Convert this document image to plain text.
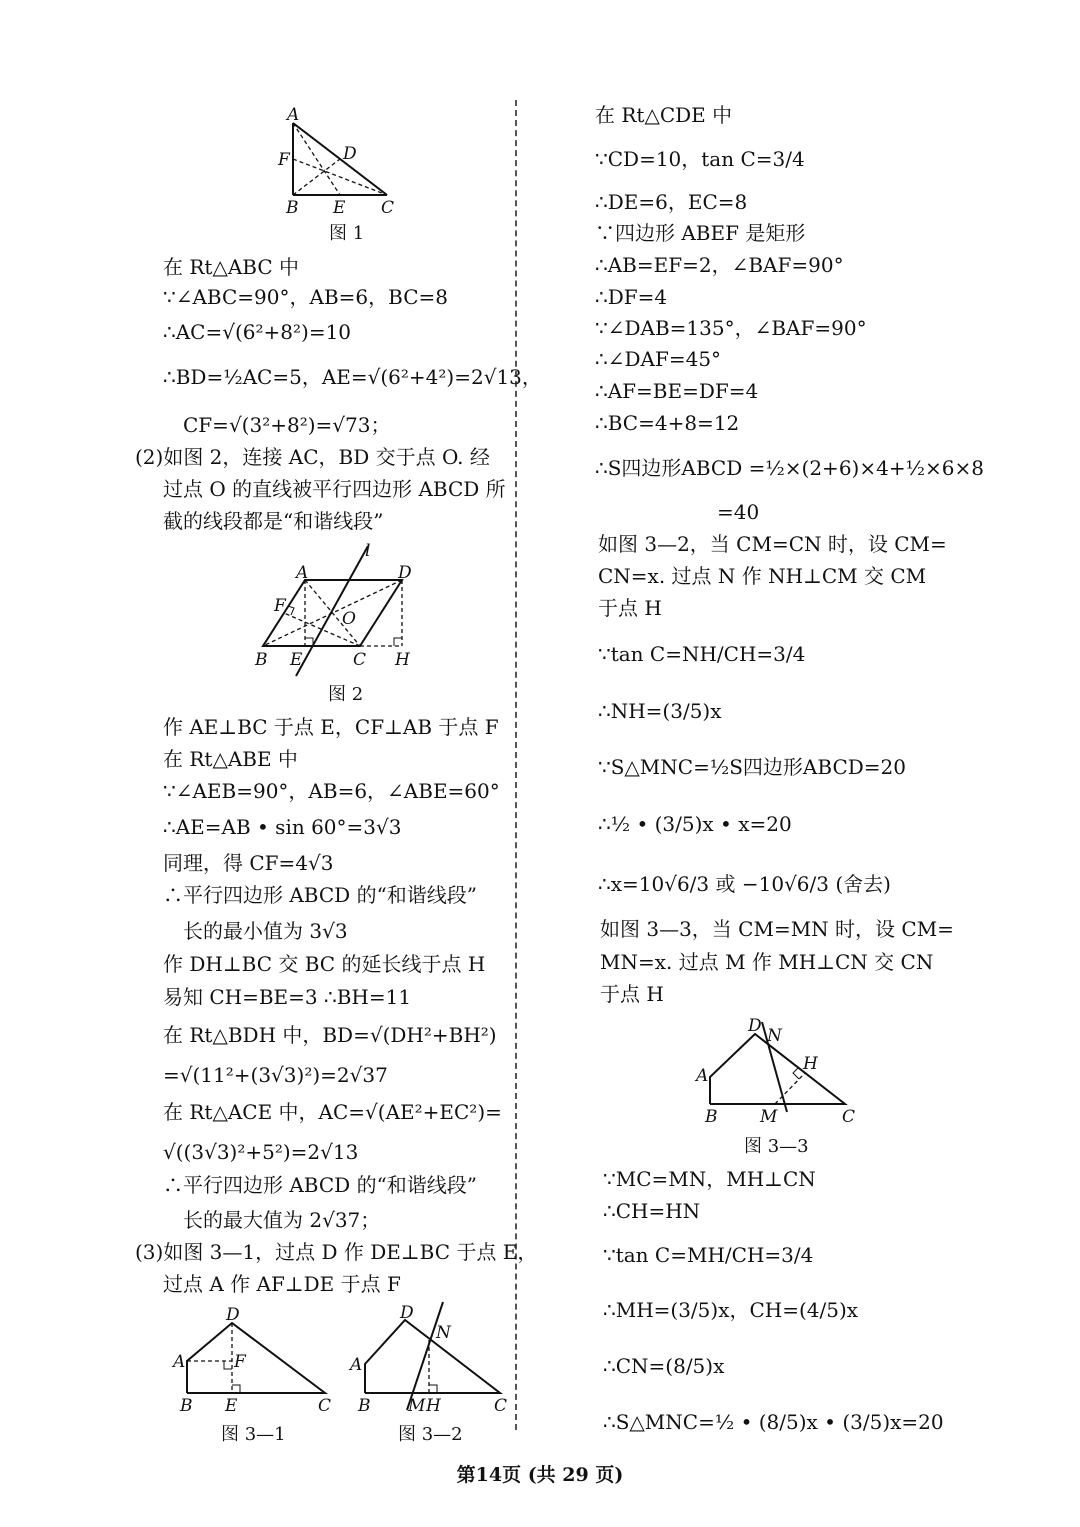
A
F	D
B E C
图 1
在 Rt△ABC 中
∵∠ABC=90°，AB=6，BC=8
∴AC=√(6²+8²)=10
∴BD=½AC=5，AE=√(6²+4²)=2√13，
CF=√(3²+8²)=√73；
(2)如图 2，连接 AC，BD 交于点 O. 经
过点 O 的直线被平行四边形 ABCD 所
截的线段都是“和谐线段”
l
A	D
F
O
B E	C H
图 2
作 AE⊥BC 于点 E，CF⊥AB 于点 F
在 Rt△ABE 中
∵∠AEB=90°，AB=6，∠ABE=60°
∴AE=AB • sin 60°=3√3
同理，得 CF=4√3
∴平行四边形 ABCD 的“和谐线段”
长的最小值为 3√3
作 DH⊥BC 交 BC 的延长线于点 H
易知 CH=BE=3 ∴BH=11
在 Rt△BDH 中，BD=√(DH²+BH²)
=√(11²+(3√3)²)=2√37
在 Rt△ACE 中，AC=√(AE²+EC²)=
√((3√3)²+5²)=2√13
∴平行四边形 ABCD 的“和谐线段”
长的最大值为 2√37；
(3)如图 3—1，过点 D 作 DE⊥BC 于点 E，
过点 A 作 AF⊥DE 于点 F
D
A	F
B E	C
图 3—1
D
N
A
B M H	C
图 3—2
在 Rt△CDE 中
∵CD=10，tan C=3/4
∴DE=6，EC=8
∵四边形 ABEF 是矩形
∴AB=EF=2，∠BAF=90°
∴DF=4
∵∠DAB=135°，∠BAF=90°
∴∠DAF=45°
∴AF=BE=DF=4
∴BC=4+8=12
∴S四边形ABCD =½×(2+6)×4+½×6×8
=40
如图 3—2，当 CM=CN 时，设 CM=
CN=x. 过点 N 作 NH⊥CM 交 CM
于点 H
∵tan C=NH/CH=3/4
∴NH=(3/5)x
∵S△MNC=½S四边形ABCD=20
∴½ • (3/5)x • x=20
∴x=10√6/3 或 −10√6/3 (舍去)
如图 3—3，当 CM=MN 时，设 CM=
MN=x. 过点 M 作 MH⊥CN 交 CN
于点 H
D N
H
A
B	M	C
图 3—3
∵MC=MN，MH⊥CN
∴CH=HN
∵tan C=MH/CH=3/4
∴MH=(3/5)x，CH=(4/5)x
∴CN=(8/5)x
∴S△MNC=½ • (8/5)x • (3/5)x=20
第14页 (共 29 页)
